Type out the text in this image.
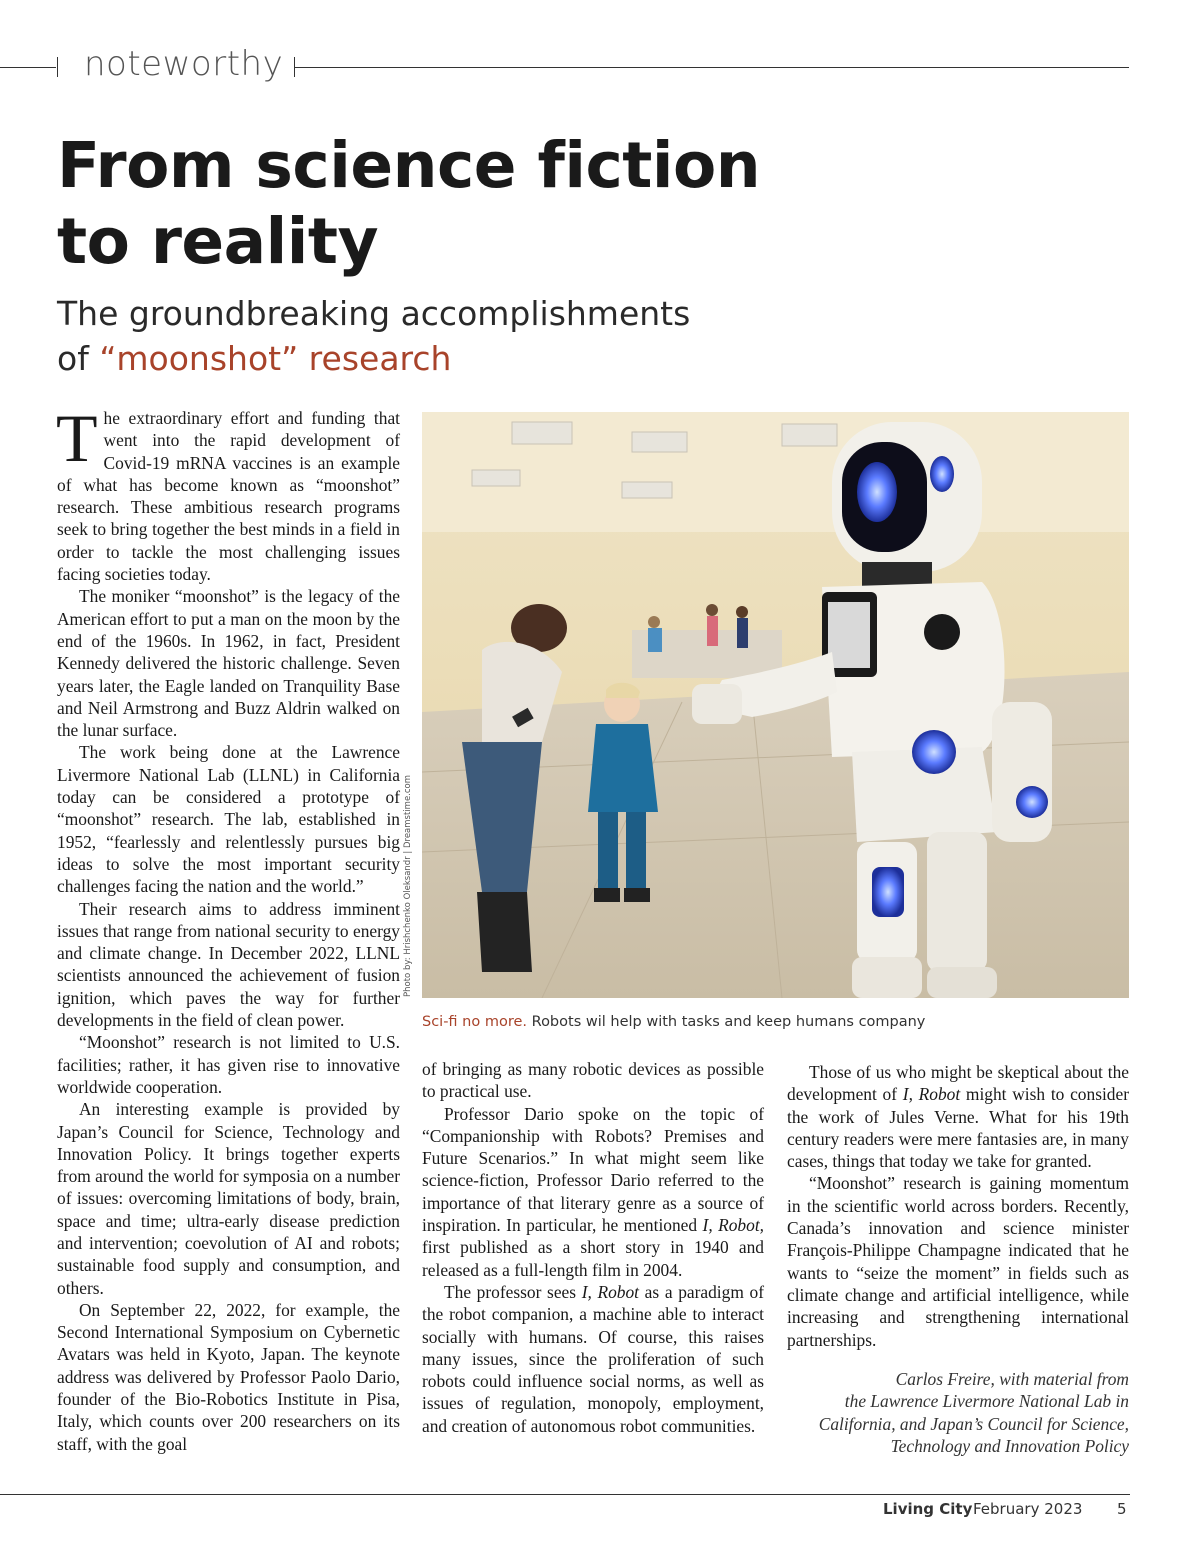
noteworthy
From science fiction
to reality
The groundbreaking accomplishments
of “moonshot” research

The extraordinary effort and funding that went into the rapid development of Covid-19 mRNA vaccines is an example of what has become known as “moonshot” research. These ambitious research programs seek to bring together the best minds in a field in order to tackle the most challenging issues facing societies today.

The moniker “moonshot” is the legacy of the American effort to put a man on the moon by the end of the 1960s. In 1962, in fact, President Kennedy delivered the historic challenge. Seven years later, the Eagle landed on Tranquility Base and Neil Armstrong and Buzz Aldrin walked on the lunar surface.

The work being done at the Lawrence Livermore National Lab (LLNL) in California today can be considered a prototype of “moonshot” research. The lab, established in 1952, “fearlessly and relentlessly pursues big ideas to solve the most important security challenges facing the nation and the world.”

Their research aims to address imminent issues that range from national security to energy and climate change. In December 2022, LLNL scientists announced the achievement of fusion ignition, which paves the way for further developments in the field of clean power.

“Moonshot” research is not limited to U.S. facilities; rather, it has given rise to innovative worldwide cooperation.

An interesting example is provided by Japan’s Council for Science, Technology and Innovation Policy. It brings together experts from around the world for symposia on a number of issues: overcoming limitations of body, brain, space and time; ultra-early disease prediction and intervention; coevolution of AI and robots; sustainable food supply and consumption, and others.

On September 22, 2022, for example, the Second International Symposium on Cybernetic Avatars was held in Kyoto, Japan. The keynote address was delivered by Professor Paolo Dario, founder of the Bio-Robotics Institute in Pisa, Italy, which counts over 200 researchers on its staff, with the goal

Photo by: Hrishchenko Oleksandr | Dreamstime.com
Sci-fi no more. Robots wil help with tasks and keep humans company

of bringing as many robotic devices as possible to practical use.

Professor Dario spoke on the topic of “Companionship with Robots? Premises and Future Scenarios.” In what might seem like science-fiction, Professor Dario referred to the importance of that literary genre as a source of inspiration. In particular, he mentioned I, Robot, first published as a short story in 1940 and released as a full-length film in 2004.

The professor sees I, Robot as a paradigm of the robot companion, a machine able to interact socially with humans. Of course, this raises many issues, since the proliferation of such robots could influence social norms, as well as issues of regulation, monopoly, employment, and creation of autonomous robot communities.

Those of us who might be skeptical about the development of I, Robot might wish to consider the work of Jules Verne. What for his 19th century readers were mere fantasies are, in many cases, things that today we take for granted.

“Moonshot” research is gaining momentum in the scientific world across borders. Recently, Canada’s innovation and science minister François-Philippe Champagne indicated that he wants to “seize the moment” in fields such as climate change and artificial intelligence, while increasing and strengthening international partnerships.

Carlos Freire, with material from
the Lawrence Livermore National Lab in
California, and Japan’s Council for Science,
Technology and Innovation Policy
Living City February 2023 5
